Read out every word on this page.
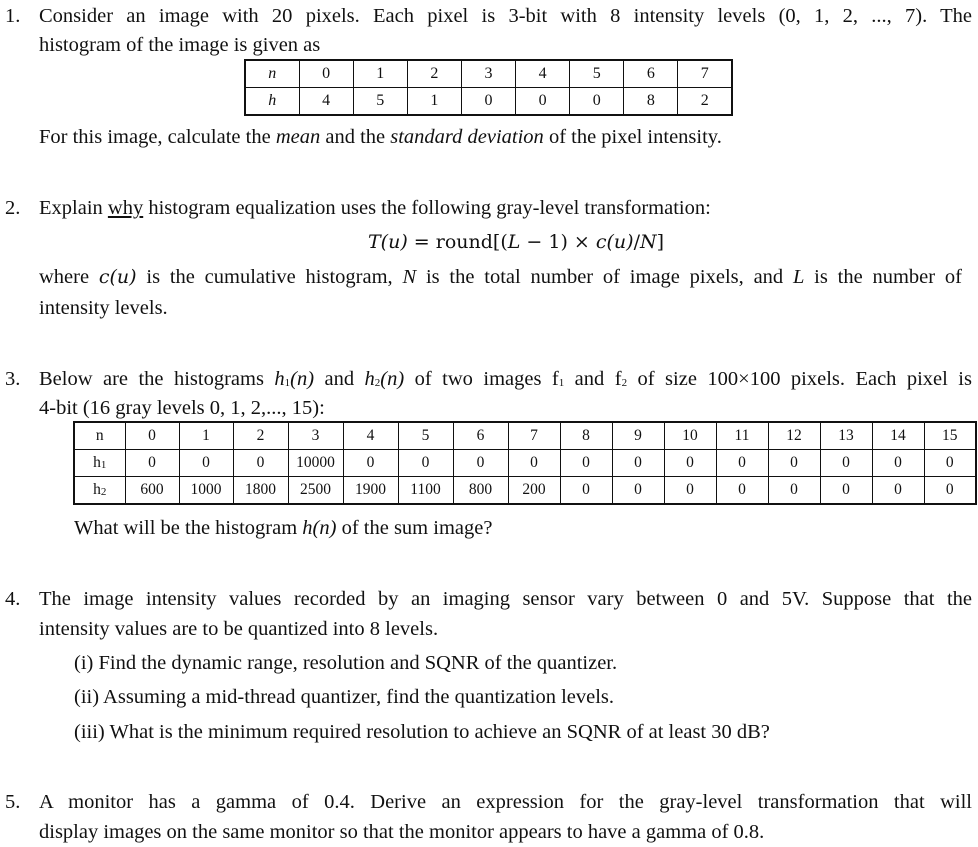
1. Consider an image with 20 pixels. Each pixel is 3-bit with 8 intensity levels (0, 1, 2, ..., 7). The
histogram of the image is given as
n	0	1	2	3	4	5	6	7
h	4	5	1	0	0	0	8	2
For this image, calculate the mean and the standard deviation of the pixel intensity.
2. Explain why histogram equalization uses the following gray-level transformation:
T(u) = round[(L − 1) × c(u)/N]
where c(u) is the cumulative histogram, N is the total number of image pixels, and L is the number of
intensity levels.
3. Below are the histograms $h_1(n)$ and $h_2(n)$ of two images $f_1$ and $f_2$ of size 100×100 pixels. Each pixel is
4-bit (16 gray levels 0, 1, 2,..., 15):
n	0	1	2	3	4	5	6	7	8	9	10	11	12	13	14	15
$h_1$	0	0	0	10000	0	0	0	0	0	0	0	0	0	0	0	0
$h_2$	600	1000	1800	2500	1900	1100	800	200	0	0	0	0	0	0	0	0
What will be the histogram h(n) of the sum image?
4. The image intensity values recorded by an imaging sensor vary between 0 and 5V. Suppose that the
intensity values are to be quantized into 8 levels.
(i) Find the dynamic range, resolution and SQNR of the quantizer.
(ii) Assuming a mid-thread quantizer, find the quantization levels.
(iii) What is the minimum required resolution to achieve an SQNR of at least 30 dB?
5. A monitor has a gamma of 0.4. Derive an expression for the gray-level transformation that will
display images on the same monitor so that the monitor appears to have a gamma of 0.8.
